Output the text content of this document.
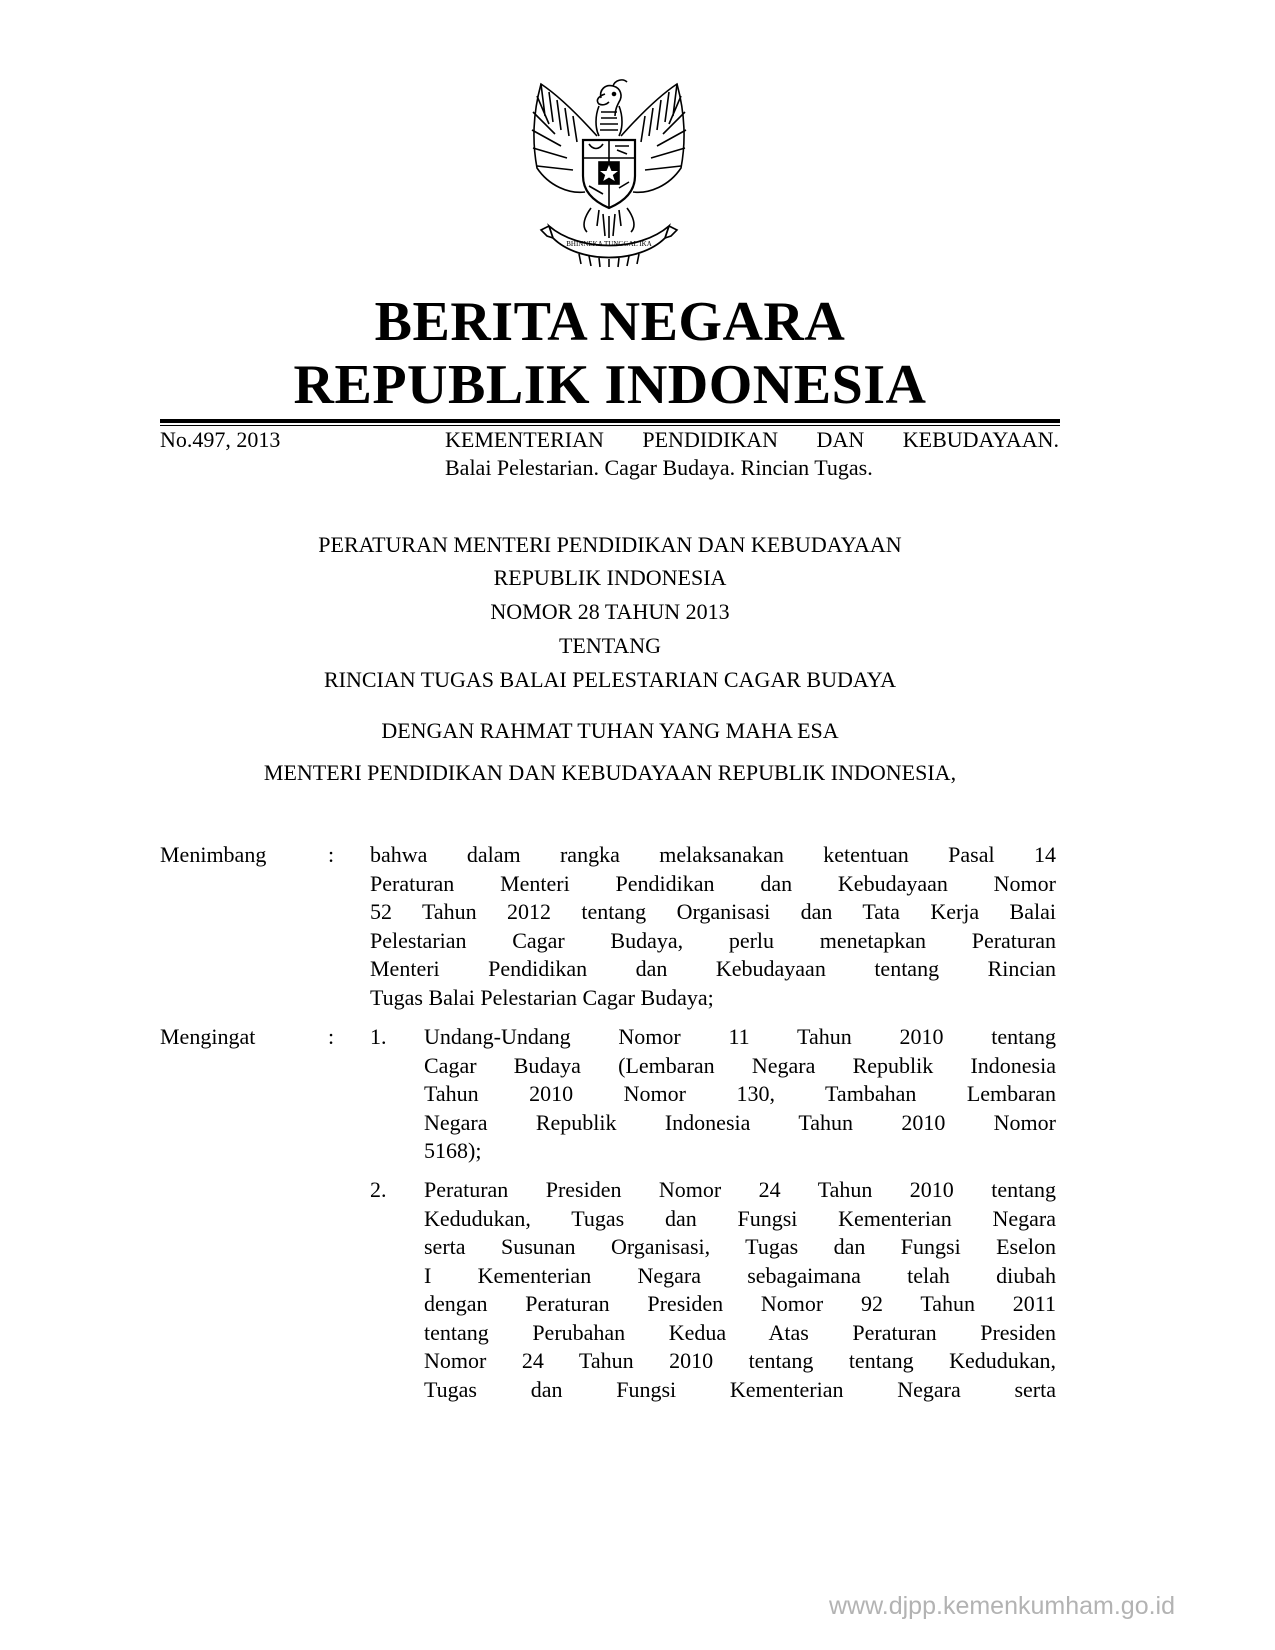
BHINNEKA TUNGGAL IKA
BERITA NEGARA
REPUBLIK INDONESIA
No.497, 2013	KEMENTERIAN PENDIDIKAN DAN KEBUDAYAAN.
Balai Pelestarian. Cagar Budaya. Rincian Tugas.
PERATURAN MENTERI PENDIDIKAN DAN KEBUDAYAAN
REPUBLIK INDONESIA
NOMOR 28 TAHUN 2013
TENTANG
RINCIAN TUGAS BALAI PELESTARIAN CAGAR BUDAYA
DENGAN RAHMAT TUHAN YANG MAHA ESA
MENTERI PENDIDIKAN DAN KEBUDAYAAN REPUBLIK INDONESIA,
Menimbang	: bahwa dalam rangka melaksanakan ketentuan Pasal 14
Peraturan Menteri Pendidikan dan Kebudayaan Nomor
52 Tahun 2012 tentang Organisasi dan Tata Kerja Balai
Pelestarian Cagar Budaya, perlu menetapkan Peraturan
Menteri Pendidikan dan Kebudayaan tentang Rincian
Tugas Balai Pelestarian Cagar Budaya;
Mengingat	: 1. Undang-Undang Nomor 11 Tahun 2010 tentang
Cagar Budaya (Lembaran Negara Republik Indonesia
Tahun 2010 Nomor 130, Tambahan Lembaran
Negara Republik Indonesia Tahun 2010 Nomor
5168);
2. Peraturan Presiden Nomor 24 Tahun 2010 tentang
Kedudukan, Tugas dan Fungsi Kementerian Negara
serta Susunan Organisasi, Tugas dan Fungsi Eselon
I Kementerian Negara sebagaimana telah diubah
dengan Peraturan Presiden Nomor 92 Tahun 2011
tentang Perubahan Kedua Atas Peraturan Presiden
Nomor 24 Tahun 2010 tentang tentang Kedudukan,
Tugas dan Fungsi Kementerian Negara serta
www.djpp.kemenkumham.go.id
